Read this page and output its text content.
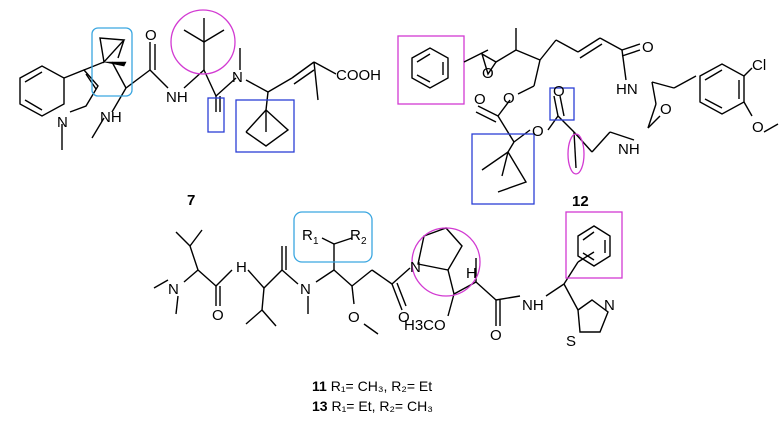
N NH
O
NH
N	COOH
7
O
O
O
O	O
O
HN
NH
O
Cl
O
12
N
H
N
O
R 1 R 2
O	O
N	H
H3CO
O
NH	N
S
11 R₁= CH₃, R₂= Et
13 R₁= Et, R₂= CH₃
